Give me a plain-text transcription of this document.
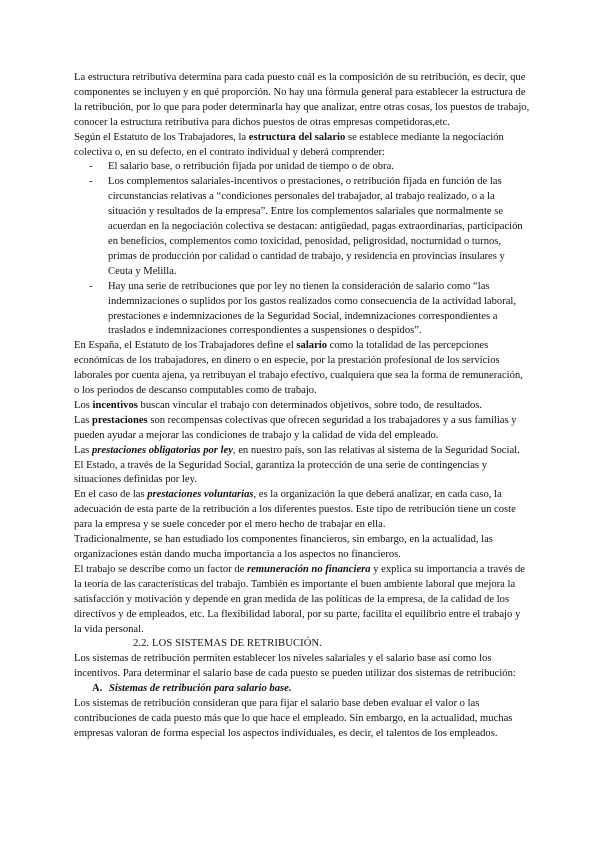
La estructura retributiva determina para cada puesto cuál es la composición de su retribución, es decir, que componentes se incluyen y en qué proporción. No hay una fórmula general para establecer la estructura de la retribución, por lo que para poder determinarla hay que analizar, entre otras cosas, los puestos de trabajo, conocer la estructura retributiva para dichos puestos de otras empresas competidoras,etc.

Según el Estatuto de los Trabajadores, la estructura del salario se establece mediante la negociación colectiva o, en su defecto, en el contrato individual y deberá comprender:

- El salario base, o retribución fijada por unidad de tiempo o de obra.
- Los complementos salariales-incentivos o prestaciones, o retribución fijada en función de las circunstancias relativas a “condiciones personales del trabajador, al trabajo realizado, o a la situación y resultados de la empresa”. Entre los complementos salariales que normalmente se acuerdan en la negociación colectiva se destacan: antigüedad, pagas extraordinarias, participación en beneficios, complementos como toxicidad, penosidad, peligrosidad, nocturnidad o turnos, primas de producción por calidad o cantidad de trabajo, y residencia en provincias insulares y Ceuta y Melilla.
- Hay una serie de retribuciones que por ley no tienen la consideración de salario como “las indemnizaciones o suplidos por los gastos realizados como consecuencia de la actividad laboral, prestaciones e indemnizaciones de la Seguridad Social, indemnizaciones correspondientes a traslados e indemnizaciones correspondientes a suspensiones o despidos”.

En España, el Estatuto de los Trabajadores define el salario como la totalidad de las percepciones económicas de los trabajadores, en dinero o en especie, por la prestación profesional de los servicios laborales por cuenta ajena, ya retribuyan el trabajo efectivo, cualquiera que sea la forma de remuneración, o los periodos de descanso computables como de trabajo.

Los incentivos buscan vincular el trabajo con determinados objetivos, sobre todo, de resultados.

Las prestaciones son recompensas colectivas que ofrecen seguridad a los trabajadores y a sus familias y pueden ayudar a mejorar las condiciones de trabajo y la calidad de vida del empleado.

Las prestaciones obligatorias por ley, en nuestro país, son las relativas al sistema de la Seguridad Social. El Estado, a través de la Seguridad Social, garantiza la protección de una serie de contingencias y situaciones definidas por ley.

En el caso de las prestaciones voluntarias, es la organización la que deberá analizar, en cada caso, la adecuación de esta parte de la retribución a los diferentes puestos. Este tipo de retribución tiene un coste para la empresa y se suele conceder por el mero hecho de trabajar en ella.

Tradicionalmente, se han estudiado los componentes financieros, sin embargo, en la actualidad, las organizaciones están dando mucha importancia a los aspectos no financieros.

El trabajo se describe como un factor de remuneración no financiera y explica su importancia a través de la teoría de las características del trabajo. También es importante el buen ambiente laboral que mejora la satisfacción y motivación y depende en gran medida de las políticas de la empresa, de la calidad de los directivos y de empleados, etc. La flexibilidad laboral, por su parte, facilita el equilibrio entre el trabajo y la vida personal.

2.2. LOS SISTEMAS DE RETRIBUCIÓN.

Los sistemas de retribución permiten establecer los niveles salariales y el salario base así como los incentivos. Para determinar el salario base de cada puesto se pueden utilizar dos sistemas de retribución:

A. Sistemas de retribución para salario base.

Los sistemas de retribución consideran que para fijar el salario base deben evaluar el valor o las contribuciones de cada puesto más que lo que hace el empleado. Sin embargo, en la actualidad, muchas empresas valoran de forma especial los aspectos individuales, es decir, el talentos de los empleados.
